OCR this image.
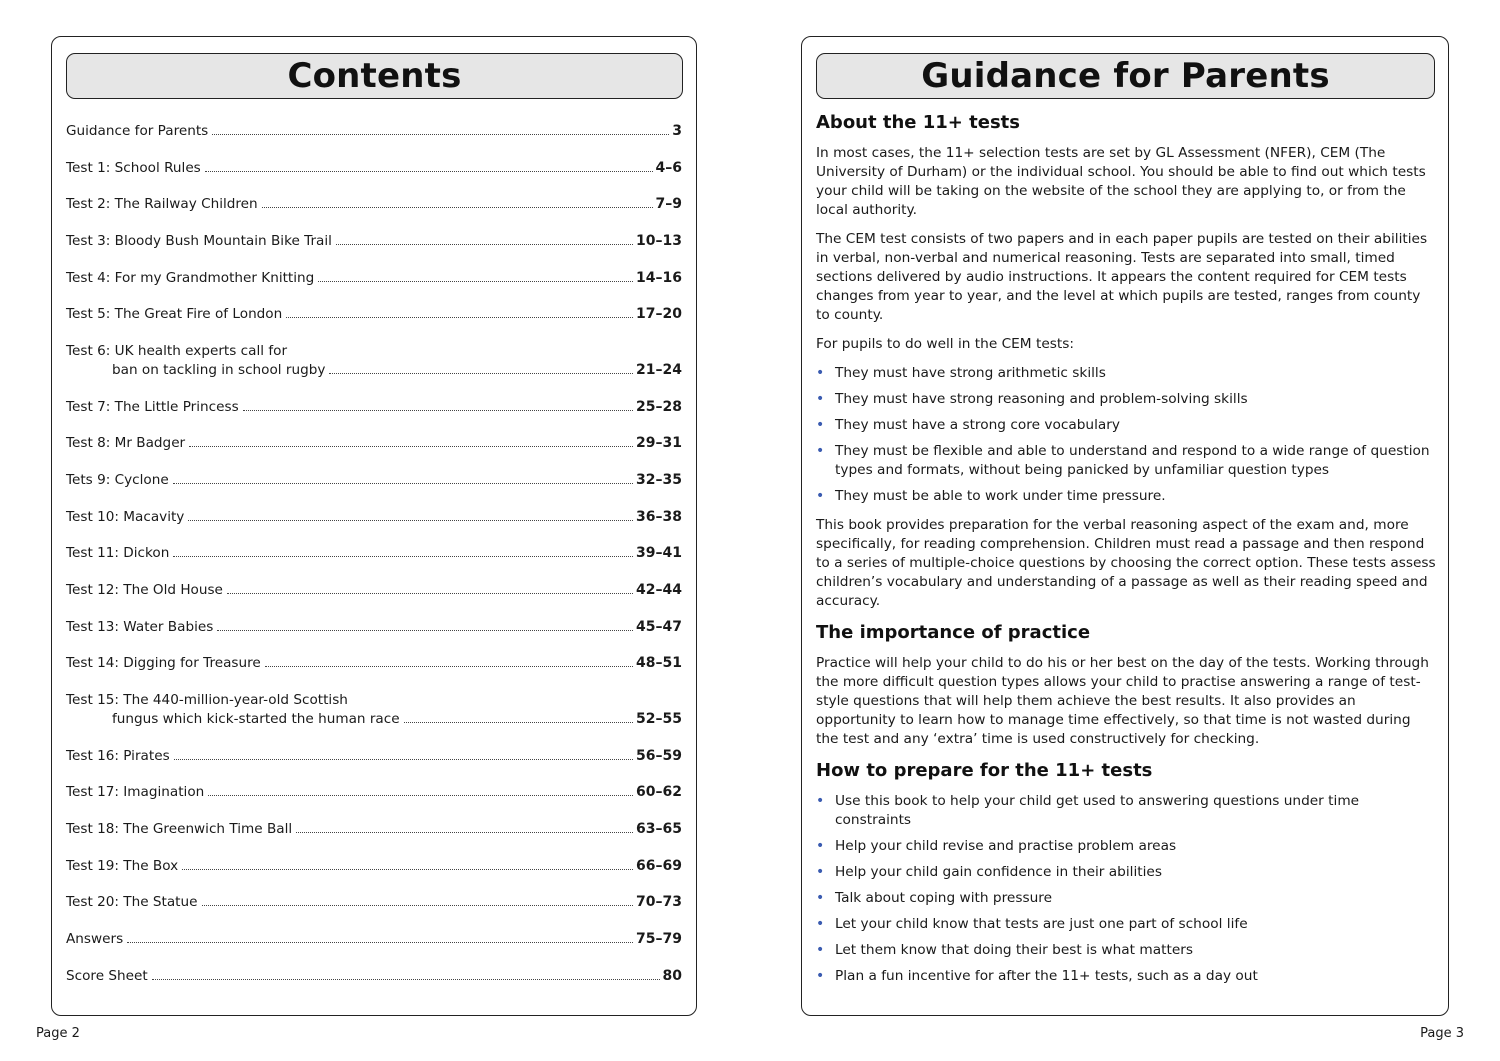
Contents
Guidance for Parents	3
Test 1: School Rules	4–6
Test 2: The Railway Children	7–9
Test 3: Bloody Bush Mountain Bike Trail	10–13
Test 4: For my Grandmother Knitting	14–16
Test 5: The Great Fire of London	17–20
Test 6: UK health experts call for
ban on tackling in school rugby	21–24
Test 7: The Little Princess	25–28
Test 8: Mr Badger	29–31
Tets 9: Cyclone	32–35
Test 10: Macavity	36–38
Test 11: Dickon	39–41
Test 12: The Old House	42–44
Test 13: Water Babies	45–47
Test 14: Digging for Treasure	48–51
Test 15: The 440-million-year-old Scottish
fungus which kick-started the human race	52–55
Test 16: Pirates	56–59
Test 17: Imagination	60–62
Test 18: The Greenwich Time Ball	63–65
Test 19: The Box	66–69
Test 20: The Statue	70–73
Answers	75–79
Score Sheet	80
Guidance for Parents
About the 11+ tests

In most cases, the 11+ selection tests are set by GL Assessment (NFER), CEM (The University of Durham) or the individual school. You should be able to find out which tests your child will be taking on the website of the school they are applying to, or from the local authority.

The CEM test consists of two papers and in each paper pupils are tested on their abilities in verbal, non-verbal and numerical reasoning. Tests are separated into small, timed sections delivered by audio instructions. It appears the content required for CEM tests changes from year to year, and the level at which pupils are tested, ranges from county to county.

For pupils to do well in the CEM tests:

• They must have strong arithmetic skills
• They must have strong reasoning and problem-solving skills
• They must have a strong core vocabulary
• They must be flexible and able to understand and respond to a wide range of question types and formats, without being panicked by unfamiliar question types
• They must be able to work under time pressure.

This book provides preparation for the verbal reasoning aspect of the exam and, more specifically, for reading comprehension. Children must read a passage and then respond to a series of multiple-choice questions by choosing the correct option. These tests assess children’s vocabulary and understanding of a passage as well as their reading speed and accuracy.

The importance of practice

Practice will help your child to do his or her best on the day of the tests. Working through the more difficult question types allows your child to practise answering a range of test-style questions that will help them achieve the best results. It also provides an opportunity to learn how to manage time effectively, so that time is not wasted during the test and any ‘extra’ time is used constructively for checking.

How to prepare for the 11+ tests
• Use this book to help your child get used to answering questions under time constraints
• Help your child revise and practise problem areas
• Help your child gain confidence in their abilities
• Talk about coping with pressure
• Let your child know that tests are just one part of school life
• Let them know that doing their best is what matters
• Plan a fun incentive for after the 11+ tests, such as a day out
Page 2	Page 3
